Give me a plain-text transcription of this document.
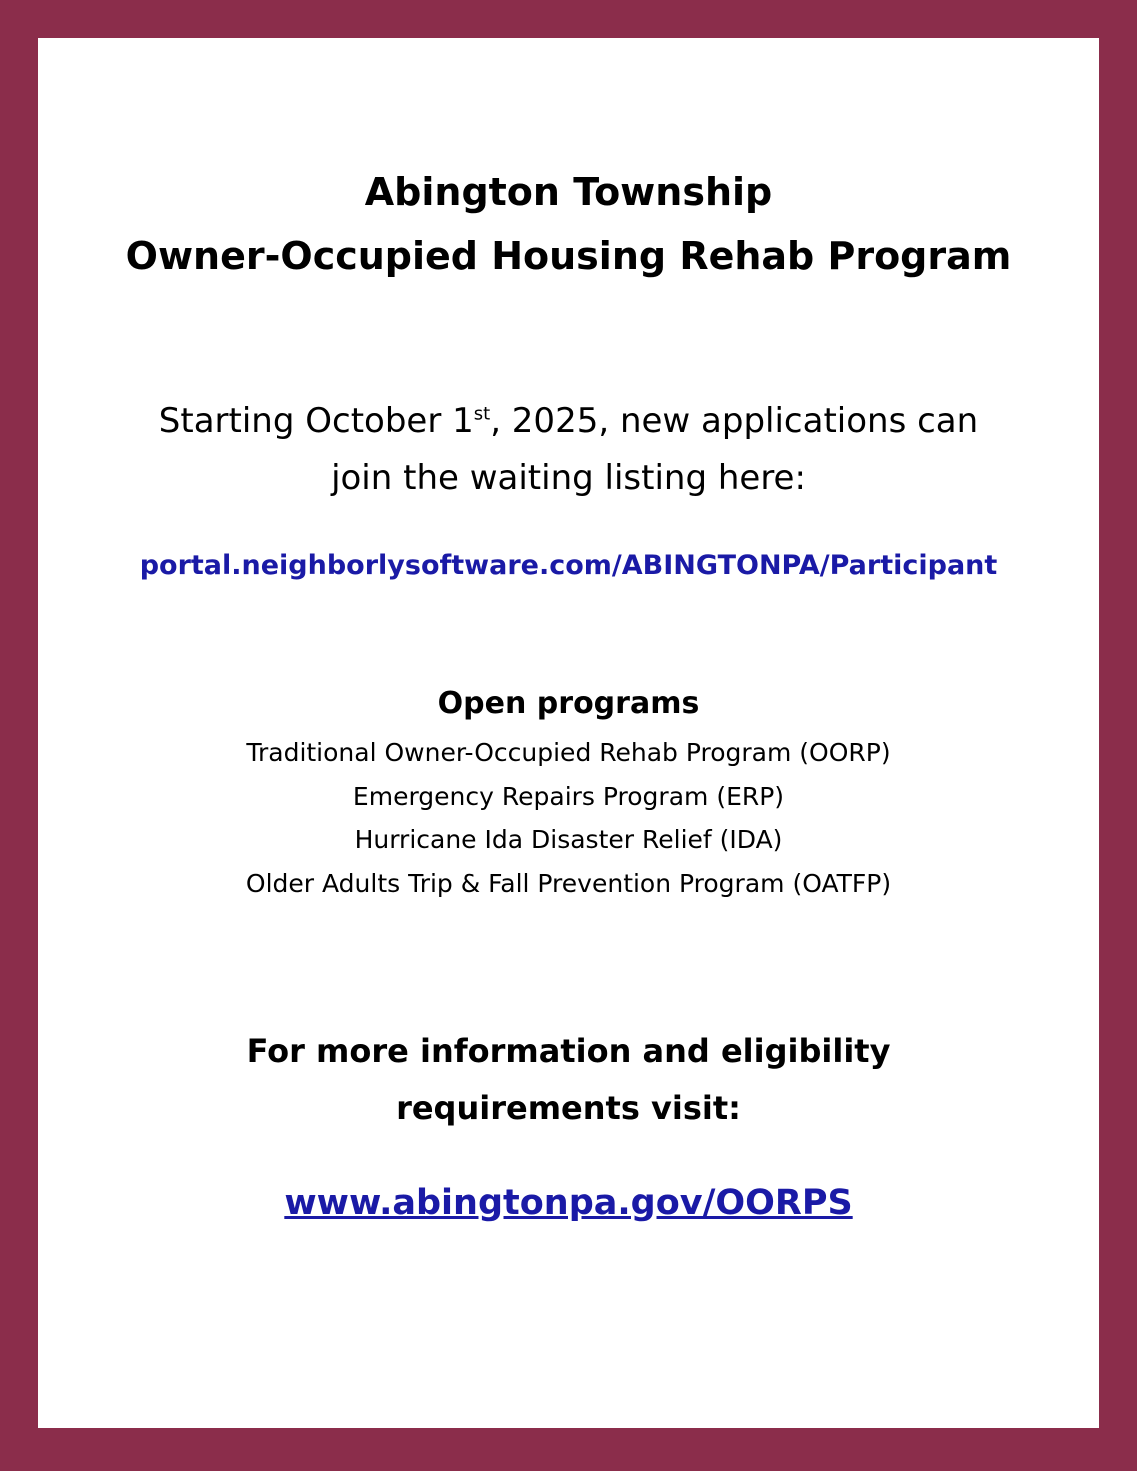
Abington Township
Owner-Occupied Housing Rehab Program

Starting October 1st, 2025, new applications can
join the waiting listing here:

portal.neighborlysoftware.com/ABINGTONPA/Participant
Open programs
Traditional Owner-Occupied Rehab Program (OORP)
Emergency Repairs Program (ERP)
Hurricane Ida Disaster Relief (IDA)
Older Adults Trip & Fall Prevention Program (OATFP)
For more information and eligibility
requirements visit:
www.abingtonpa.gov/OORPS
